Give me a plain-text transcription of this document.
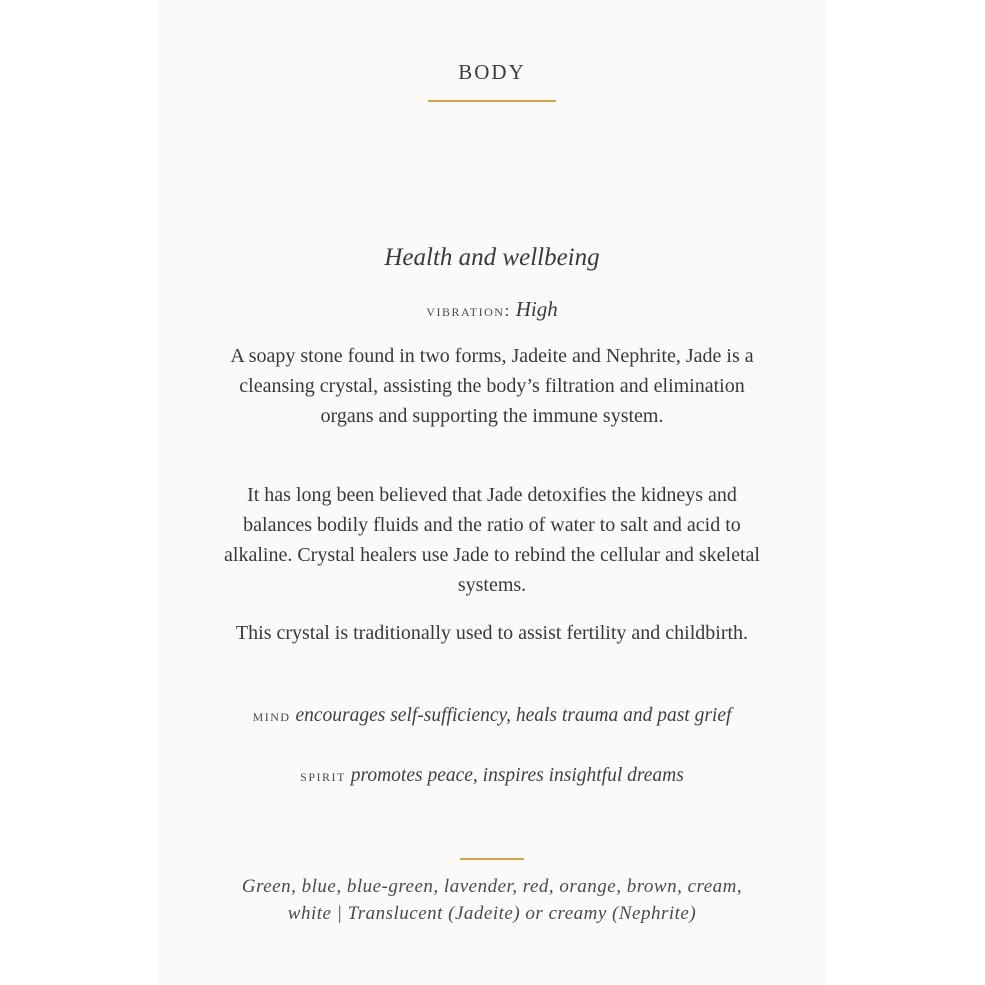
BODY
Health and wellbeing
vibration: High
A soapy stone found in two forms, Jadeite and Nephrite, Jade is a cleansing crystal, assisting the body’s filtration and elimination organs and supporting the immune system.
It has long been believed that Jade detoxifies the kidneys and balances bodily fluids and the ratio of water to salt and acid to alkaline. Crystal healers use Jade to rebind the cellular and skeletal systems.
This crystal is traditionally used to assist fertility and childbirth.
mind encourages self-sufficiency, heals trauma and past grief
spirit promotes peace, inspires insightful dreams
Green, blue, blue-green, lavender, red, orange, brown, cream,
white | Translucent (Jadeite) or creamy (Nephrite)
